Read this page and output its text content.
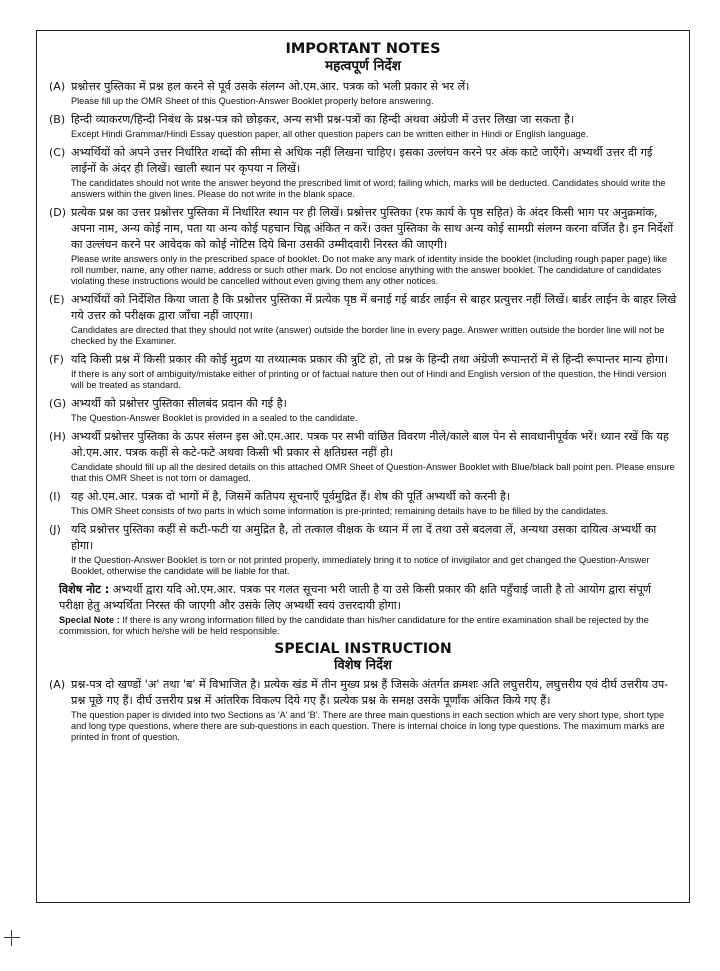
IMPORTANT NOTES
महत्वपूर्ण निर्देश
(A) प्रश्नोत्तर पुस्तिका में प्रश्न हल करने से पूर्व उसके संलग्न ओ.एम.आर. पत्रक को भली प्रकार से भर लें।
Please fill up the OMR Sheet of this Question-Answer Booklet properly before answering.
(B) हिन्दी व्याकरण/हिन्दी निबंध के प्रश्न-पत्र को छोड़कर, अन्य सभी प्रश्न-पत्रों का हिन्दी अथवा अंग्रेजी में उत्तर लिखा जा सकता है।
Except Hindi Grammar/Hindi Essay question paper, all other question papers can be written either in Hindi or English language.
(C) अभ्यर्थियों को अपने उत्तर निर्धारित शब्दों की सीमा से अधिक नहीं लिखना चाहिए। इसका उल्लंघन करने पर अंक काटे जाएँगे। अभ्यर्थी उत्तर दी गई लाईनों के अंदर ही लिखें। खाली स्थान पर कृपया न लिखें।
The candidates should not write the answer beyond the prescribed limit of word; failing which, marks will be deducted. Candidates should write the answers within the given lines. Please do not write in the blank space.
(D) प्रत्येक प्रश्न का उत्तर प्रश्नोत्तर पुस्तिका में निर्धारित स्थान पर ही लिखें। प्रश्नोत्तर पुस्तिका (रफ कार्य के पृष्ठ सहित) के अंदर किसी भाग पर अनुक्रमांक, अपना नाम, अन्य कोई नाम, पता या अन्य कोई पहचान चिह्न अंकित न करें। उक्त पुस्तिका के साथ अन्य कोई सामग्री संलग्न करना वर्जित है। इन निर्देशों का उल्लंघन करने पर आवेदक को कोई नोटिस दिये बिना उसकी उम्मीदवारी निरस्त की जाएगी।
Please write answers only in the prescribed space of booklet. Do not make any mark of identity inside the booklet (including rough paper page) like roll number, name, any other name, address or such other mark. Do not enclose anything with the answer booklet. The candidature of candidates violating these instructions would be cancelled without even giving them any other notices.
(E) अभ्यर्थियों को निर्देशित किया जाता है कि प्रश्नोत्तर पुस्तिका में प्रत्येक पृष्ठ में बनाई गई बार्डर लाईन से बाहर प्रत्युत्तर नहीं लिखें। बार्डर लाईन के बाहर लिखे गये उत्तर को परीक्षक द्वारा जाँचा नहीं जाएगा।
Candidates are directed that they should not write (answer) outside the border line in every page. Answer written outside the border line will not be checked by the Examiner.
(F) यदि किसी प्रश्न में किसी प्रकार की कोई मुद्रण या तथ्यात्मक प्रकार की त्रुटि हो, तो प्रश्न के हिन्दी तथा अंग्रेजी रूपान्तरों में से हिन्दी रूपान्तर मान्य होगा।
If there is any sort of ambiguity/mistake either of printing or of factual nature then out of Hindi and English version of the question, the Hindi version will be treated as standard.
(G) अभ्यर्थी को प्रश्नोत्तर पुस्तिका सीलबंद प्रदान की गई है।
The Question-Answer Booklet is provided in a sealed to the candidate.
(H) अभ्यर्थी प्रश्नोत्तर पुस्तिका के ऊपर संलग्न इस ओ.एम.आर. पत्रक पर सभी वांछित विवरण नीले/काले बाल पेन से सावधानीपूर्वक भरें। ध्यान रखें कि यह ओ.एम.आर. पत्रक कहीं से कटे-फटे अथवा किसी भी प्रकार से क्षतिग्रस्त नहीं हो।
Candidate should fill up all the desired details on this attached OMR Sheet of Question-Answer Booklet with Blue/black ball point pen. Please ensure that this OMR Sheet is not torn or damaged.
(I) यह ओ.एम.आर. पत्रक दो भागों में है, जिसमें कतिपय सूचनाएँ पूर्वमुद्रित हैं। शेष की पूर्ति अभ्यर्थी को करनी है।
This OMR Sheet consists of two parts in which some information is pre-printed; remaining details have to be filled by the candidates.
(J) यदि प्रश्नोत्तर पुस्तिका कहीं से कटी-फटी या अमुद्रित है, तो तत्काल वीक्षक के ध्यान में ला दें तथा उसे बदलवा लें, अन्यथा उसका दायित्व अभ्यर्थी का होगा।
If the Question-Answer Booklet is torn or not printed properly, immediately bring it to notice of invigilator and get changed the Question-Answer Booklet, otherwise the candidate will be liable for that.
विशेष नोट : अभ्यर्थी द्वारा यदि ओ.एम.आर. पत्रक पर गलत सूचना भरी जाती है या उसे किसी प्रकार की क्षति पहुँचाई जाती है तो आयोग द्वारा संपूर्ण परीक्षा हेतु अभ्यर्थिता निरस्त की जाएगी और उसके लिए अभ्यर्थी स्वयं उत्तरदायी होगा।
Special Note : If there is any wrong information filled by the candidate than his/her candidature for the entire examination shall be rejected by the commission, for which he/she will be held responsible.
SPECIAL INSTRUCTION
विशेष निर्देश
(A) प्रश्न-पत्र दो खण्डों 'अ' तथा 'ब' में विभाजित है। प्रत्येक खंड में तीन मुख्य प्रश्न हैं जिसके अंतर्गत क्रमशः अति लघुत्तरीय, लघुत्तरीय एवं दीर्घ उत्तरीय उप-प्रश्न पूछे गए हैं। दीर्घ उत्तरीय प्रश्न में आंतरिक विकल्प दिये गए हैं। प्रत्येक प्रश्न के समक्ष उसके पूर्णांक अंकित किये गए हैं।
The question paper is divided into two Sections as 'A' and 'B'. There are three main questions in each section which are very short type, short type and long type questions, where there are sub-questions in each question. There is internal choice in long type questions. The maximum marks are printed in front of question.
